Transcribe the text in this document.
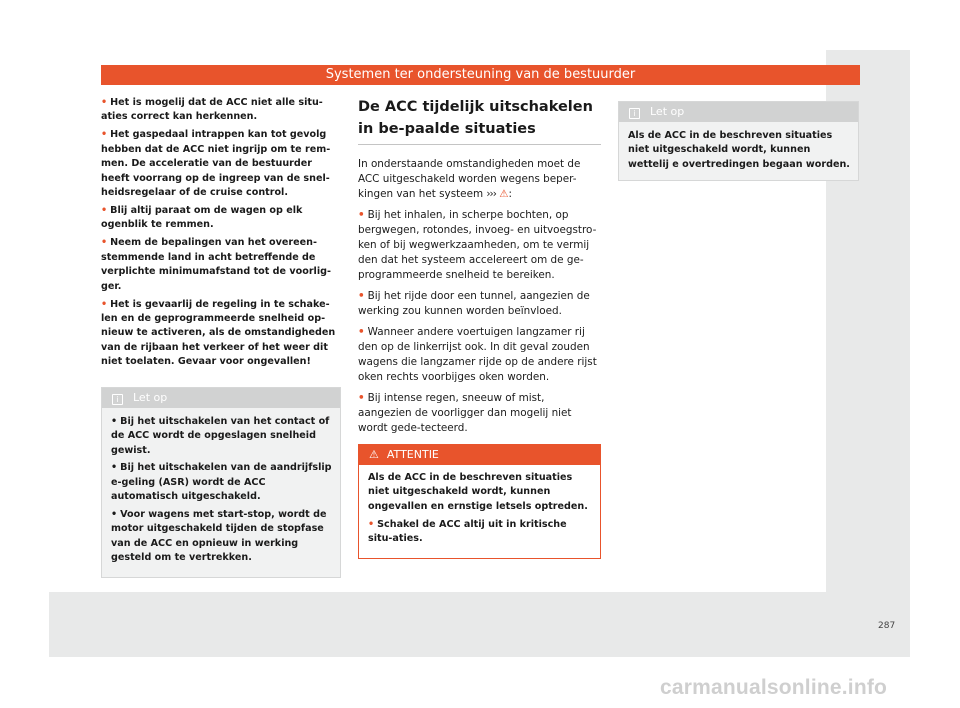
Systemen ter ondersteuning van de bestuurder
• Het is mogelij dat de ACC niet alle situ-aties correct kan herkennen.
• Het gaspedaal intrappen kan tot gevolg hebben dat de ACC niet ingrijp om te rem-men. De acceleratie van de bestuurder heeft voorrang op de ingreep van de snel-heidsregelaar of de cruise control.
• Blij altij paraat om de wagen op elk ogenblik te remmen.
• Neem de bepalingen van het overeen-stemmende land in acht betreffende de verplichte minimumafstand tot de voorlig-ger.
• Het is gevaarlij de regeling in te schake-len en de geprogrammeerde snelheid op-nieuw te activeren, als de omstandigheden van de rijbaan het verkeer of het weer dit niet toelaten. Gevaar voor ongevallen!
i Let op
• Bij het uitschakelen van het contact of de ACC wordt de opgeslagen snelheid gewist.
• Bij het uitschakelen van de aandrijfslip e-geling (ASR) wordt de ACC automatisch uitgeschakeld.
• Voor wagens met start-stop, wordt de motor uitgeschakeld tijden de stopfase van de ACC en opnieuw in werking gesteld om te vertrekken.
De ACC tijdelijk uitschakelen in be-paalde situaties

In onderstaande omstandigheden moet de ACC uitgeschakeld worden wegens beper-kingen van het systeem ››› ⚠:

• Bij het inhalen, in scherpe bochten, op bergwegen, rotondes, invoeg- en uitvoegstro-ken of bij wegwerkzaamheden, om te vermij den dat het systeem accelereert om de ge-programmeerde snelheid te bereiken.
• Bij het rijde door een tunnel, aangezien de werking zou kunnen worden beïnvloed.
• Wanneer andere voertuigen langzamer rij den op de linkerrijst ook. In dit geval zouden wagens die langzamer rijde op de andere rijst oken rechts voorbijges oken worden.
• Bij intense regen, sneeuw of mist, aangezien de voorligger dan mogelij niet wordt gede-tecteerd.
⚠ ATTENTIE
Als de ACC in de beschreven situaties niet uitgeschakeld wordt, kunnen ongevallen en ernstige letsels optreden.
• Schakel de ACC altij uit in kritische situ-aties.
i Let op
Als de ACC in de beschreven situaties niet uitgeschakeld wordt, kunnen wettelij e overtredingen begaan worden.
287
carmanualsonline.info
